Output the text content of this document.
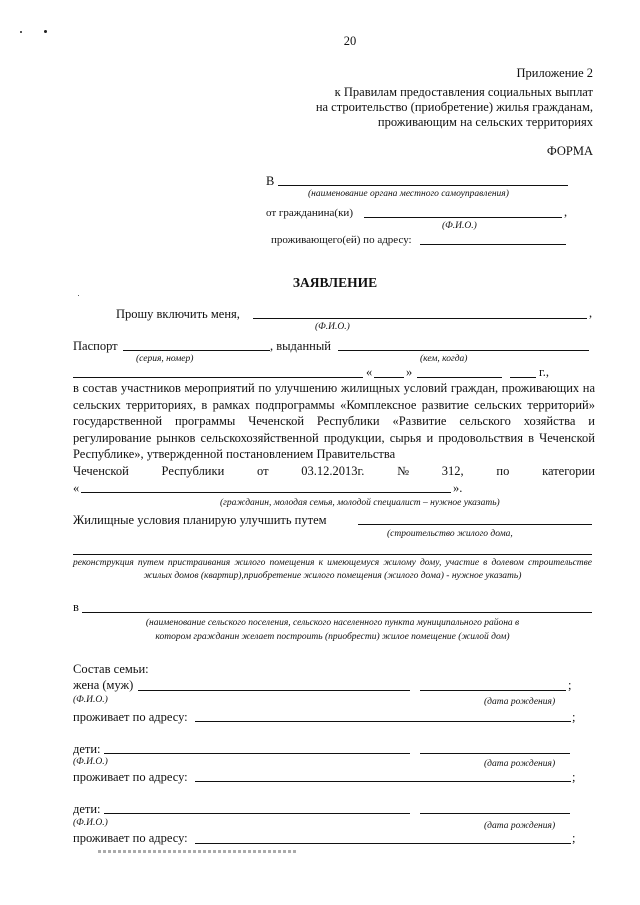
20
Приложение 2
к Правилам предоставления социальных выплат
на строительство (приобретение) жилья гражданам,
проживающим на сельских территориях
ФОРМА
В
(наименование органа местного самоуправления)
от гражданина(ки)	,
(Ф.И.О.)
проживающего(ей) по адресу:
ЗАЯВЛЕНИЕ
Прошу включить меня,	,
(Ф.И.О.)
Паспорт	, выданный
(серия, номер)	(кем, когда)
«	»	г.,
в состав участников мероприятий по улучшению жилищных условий граждан, проживающих на сельских территориях, в рамках подпрограммы «Комплексное развитие сельских территорий» государственной программы Чеченской Республики «Развитие сельского хозяйства и регулирование рынков сельскохозяйственной продукции, сырья и продовольствия в Чеченской Республике», утвержденной постановлением Правительства
Чеченской	Республики	от	03.12.2013г.	№	312,	по	категории
«	».
(гражданин, молодая семья, молодой специалист – нужное указать)
Жилищные условия планирую улучшить путем
(строительство жилого дома,
реконструкция путем пристраивания жилого помещения к имеющемуся жилому дому, участие в долевом строительстве жилых домов (квартир),приобретение жилого помещения (жилого дома) - нужное указать)
в
(наименование сельского поселения, сельского населенного пункта муниципального района в
котором гражданин желает построить (приобрести) жилое помещение (жилой дом)
Состав семьи:
жена (муж)	;
(Ф.И.О.)	(дата рождения)
проживает по адресу:	;
дети:
(Ф.И.О.)	(дата рождения)
проживает по адресу:	;
дети:
(Ф.И.О.)	(дата рождения)
проживает по адресу:	;
